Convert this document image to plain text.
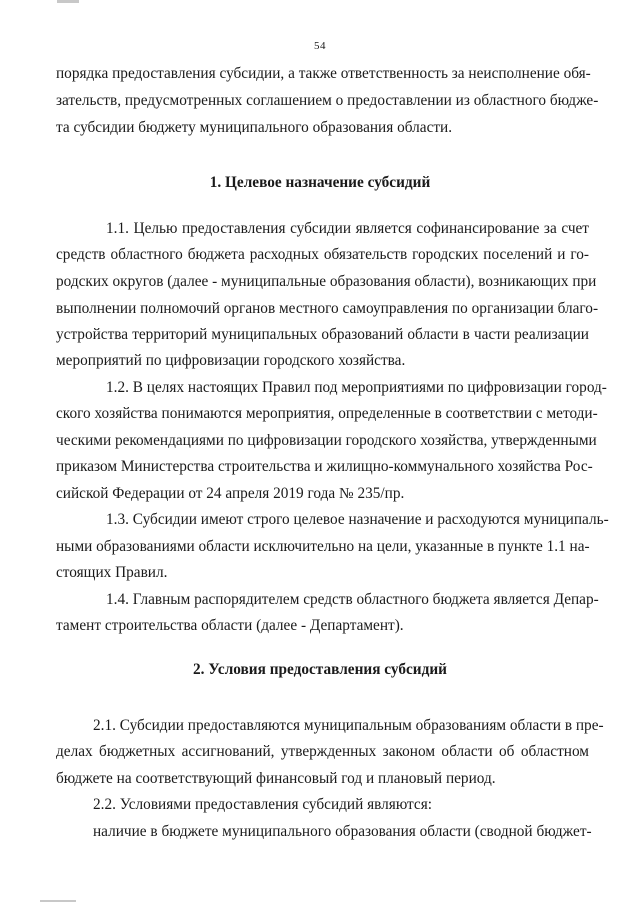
54
порядка предоставления субсидии, а также ответственность за неисполнение обя-
зательств, предусмотренных соглашением о предоставлении из областного бюдже-
та субсидии бюджету муниципального образования области.
1. Целевое назначение субсидий
1.1. Целью предоставления субсидии является софинансирование за счет
средств областного бюджета расходных обязательств городских поселений и го-
родских округов (далее - муниципальные образования области), возникающих при
выполнении полномочий органов местного самоуправления по организации благо-
устройства территорий муниципальных образований области в части реализации
мероприятий по цифровизации городского хозяйства.
1.2. В целях настоящих Правил под мероприятиями по цифровизации город-
ского хозяйства понимаются мероприятия, определенные в соответствии с методи-
ческими рекомендациями по цифровизации городского хозяйства, утвержденными
приказом Министерства строительства и жилищно-коммунального хозяйства Рос-
сийской Федерации от 24 апреля 2019 года № 235/пр.
1.3. Субсидии имеют строго целевое назначение и расходуются муниципаль-
ными образованиями области исключительно на цели, указанные в пункте 1.1 на-
стоящих Правил.
1.4. Главным распорядителем средств областного бюджета является Депар-
тамент строительства области (далее - Департамент).
2. Условия предоставления субсидий
2.1. Субсидии предоставляются муниципальным образованиям области в пре-
делах бюджетных ассигнований, утвержденных законом области об областном
бюджете на соответствующий финансовый год и плановый период.
2.2. Условиями предоставления субсидий являются:
наличие в бюджете муниципального образования области (сводной бюджет-
